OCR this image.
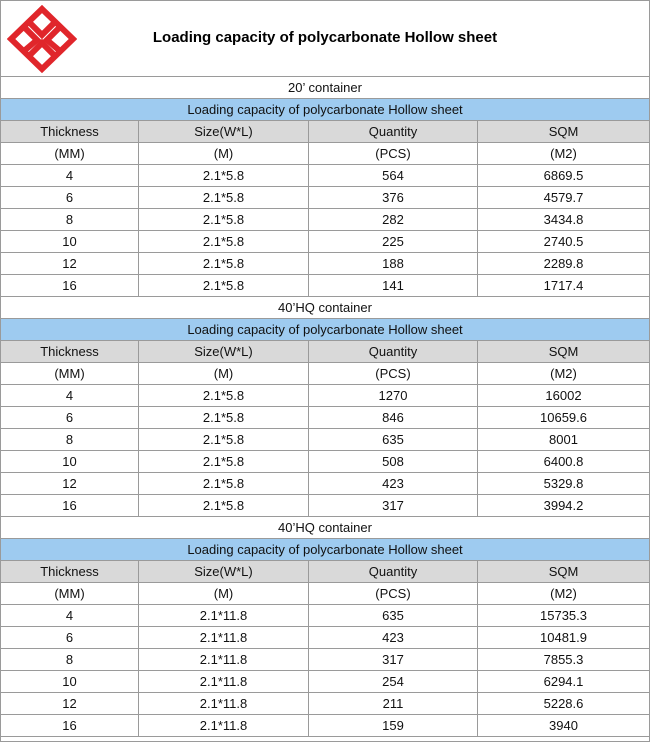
Loading capacity of polycarbonate Hollow sheet
20’ container
Loading capacity of polycarbonate Hollow sheet
Thickness	Size(W*L)	Quantity	SQM
(MM)	(M)	(PCS)	(M2)
4	2.1*5.8	564	6869.5
6	2.1*5.8	376	4579.7
8	2.1*5.8	282	3434.8
10	2.1*5.8	225	2740.5
12	2.1*5.8	188	2289.8
16	2.1*5.8	141	1717.4
40’HQ container
Loading capacity of polycarbonate Hollow sheet
Thickness	Size(W*L)	Quantity	SQM
(MM)	(M)	(PCS)	(M2)
4	2.1*5.8	1270	16002
6	2.1*5.8	846	10659.6
8	2.1*5.8	635	8001
10	2.1*5.8	508	6400.8
12	2.1*5.8	423	5329.8
16	2.1*5.8	317	3994.2
40’HQ container
Loading capacity of polycarbonate Hollow sheet
Thickness	Size(W*L)	Quantity	SQM
(MM)	(M)	(PCS)	(M2)
4	2.1*11.8	635	15735.3
6	2.1*11.8	423	10481.9
8	2.1*11.8	317	7855.3
10	2.1*11.8	254	6294.1
12	2.1*11.8	211	5228.6
16	2.1*11.8	159	3940
